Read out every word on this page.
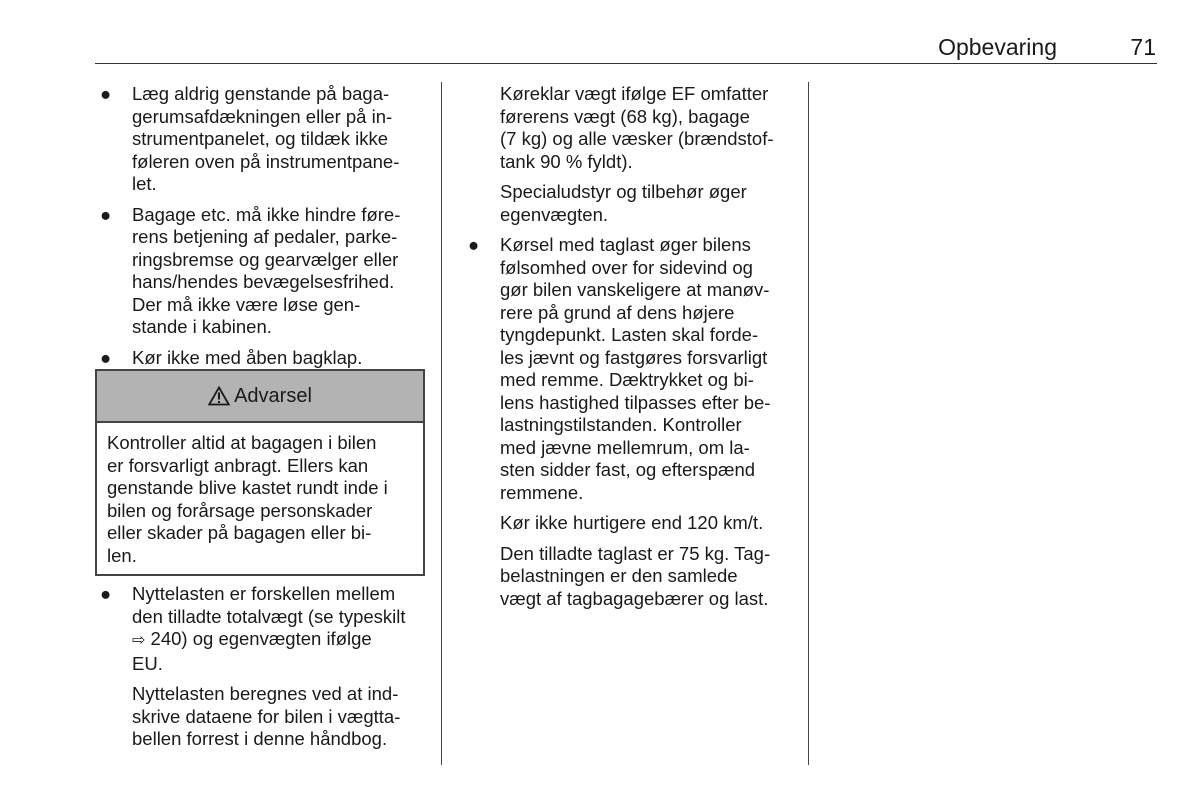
Opbevaring	71
● Læg aldrig genstande på baga-
gerumsafdækningen eller på in-
strumentpanelet, og tildæk ikke
føleren oven på instrumentpane-
let.
● Bagage etc. må ikke hindre føre-
rens betjening af pedaler, parke-
ringsbremse og gearvælger eller
hans/hendes bevægelsesfrihed.
Der må ikke være løse gen-
stande i kabinen.
● Kør ikke med åben bagklap.
Advarsel
Kontroller altid at bagagen i bilen
er forsvarligt anbragt. Ellers kan
genstande blive kastet rundt inde i
bilen og forårsage personskader
eller skader på bagagen eller bi-
len.
● Nyttelasten er forskellen mellem
den tilladte totalvægt (se typeskilt
⇨ 240) og egenvægten ifølge
EU.
Nyttelasten beregnes ved at ind-
skrive dataene for bilen i vægtta-
bellen forrest i denne håndbog.
Køreklar vægt ifølge EF omfatter
førerens vægt (68 kg), bagage
(7 kg) og alle væsker (brændstof-
tank 90 % fyldt).
Specialudstyr og tilbehør øger
egenvægten.
● Kørsel med taglast øger bilens
følsomhed over for sidevind og
gør bilen vanskeligere at manøv-
rere på grund af dens højere
tyngdepunkt. Lasten skal forde-
les jævnt og fastgøres forsvarligt
med remme. Dæktrykket og bi-
lens hastighed tilpasses efter be-
lastningstilstanden. Kontroller
med jævne mellemrum, om la-
sten sidder fast, og efterspænd
remmene.
Kør ikke hurtigere end 120 km/t.
Den tilladte taglast er 75 kg. Tag-
belastningen er den samlede
vægt af tagbagagebærer og last.
